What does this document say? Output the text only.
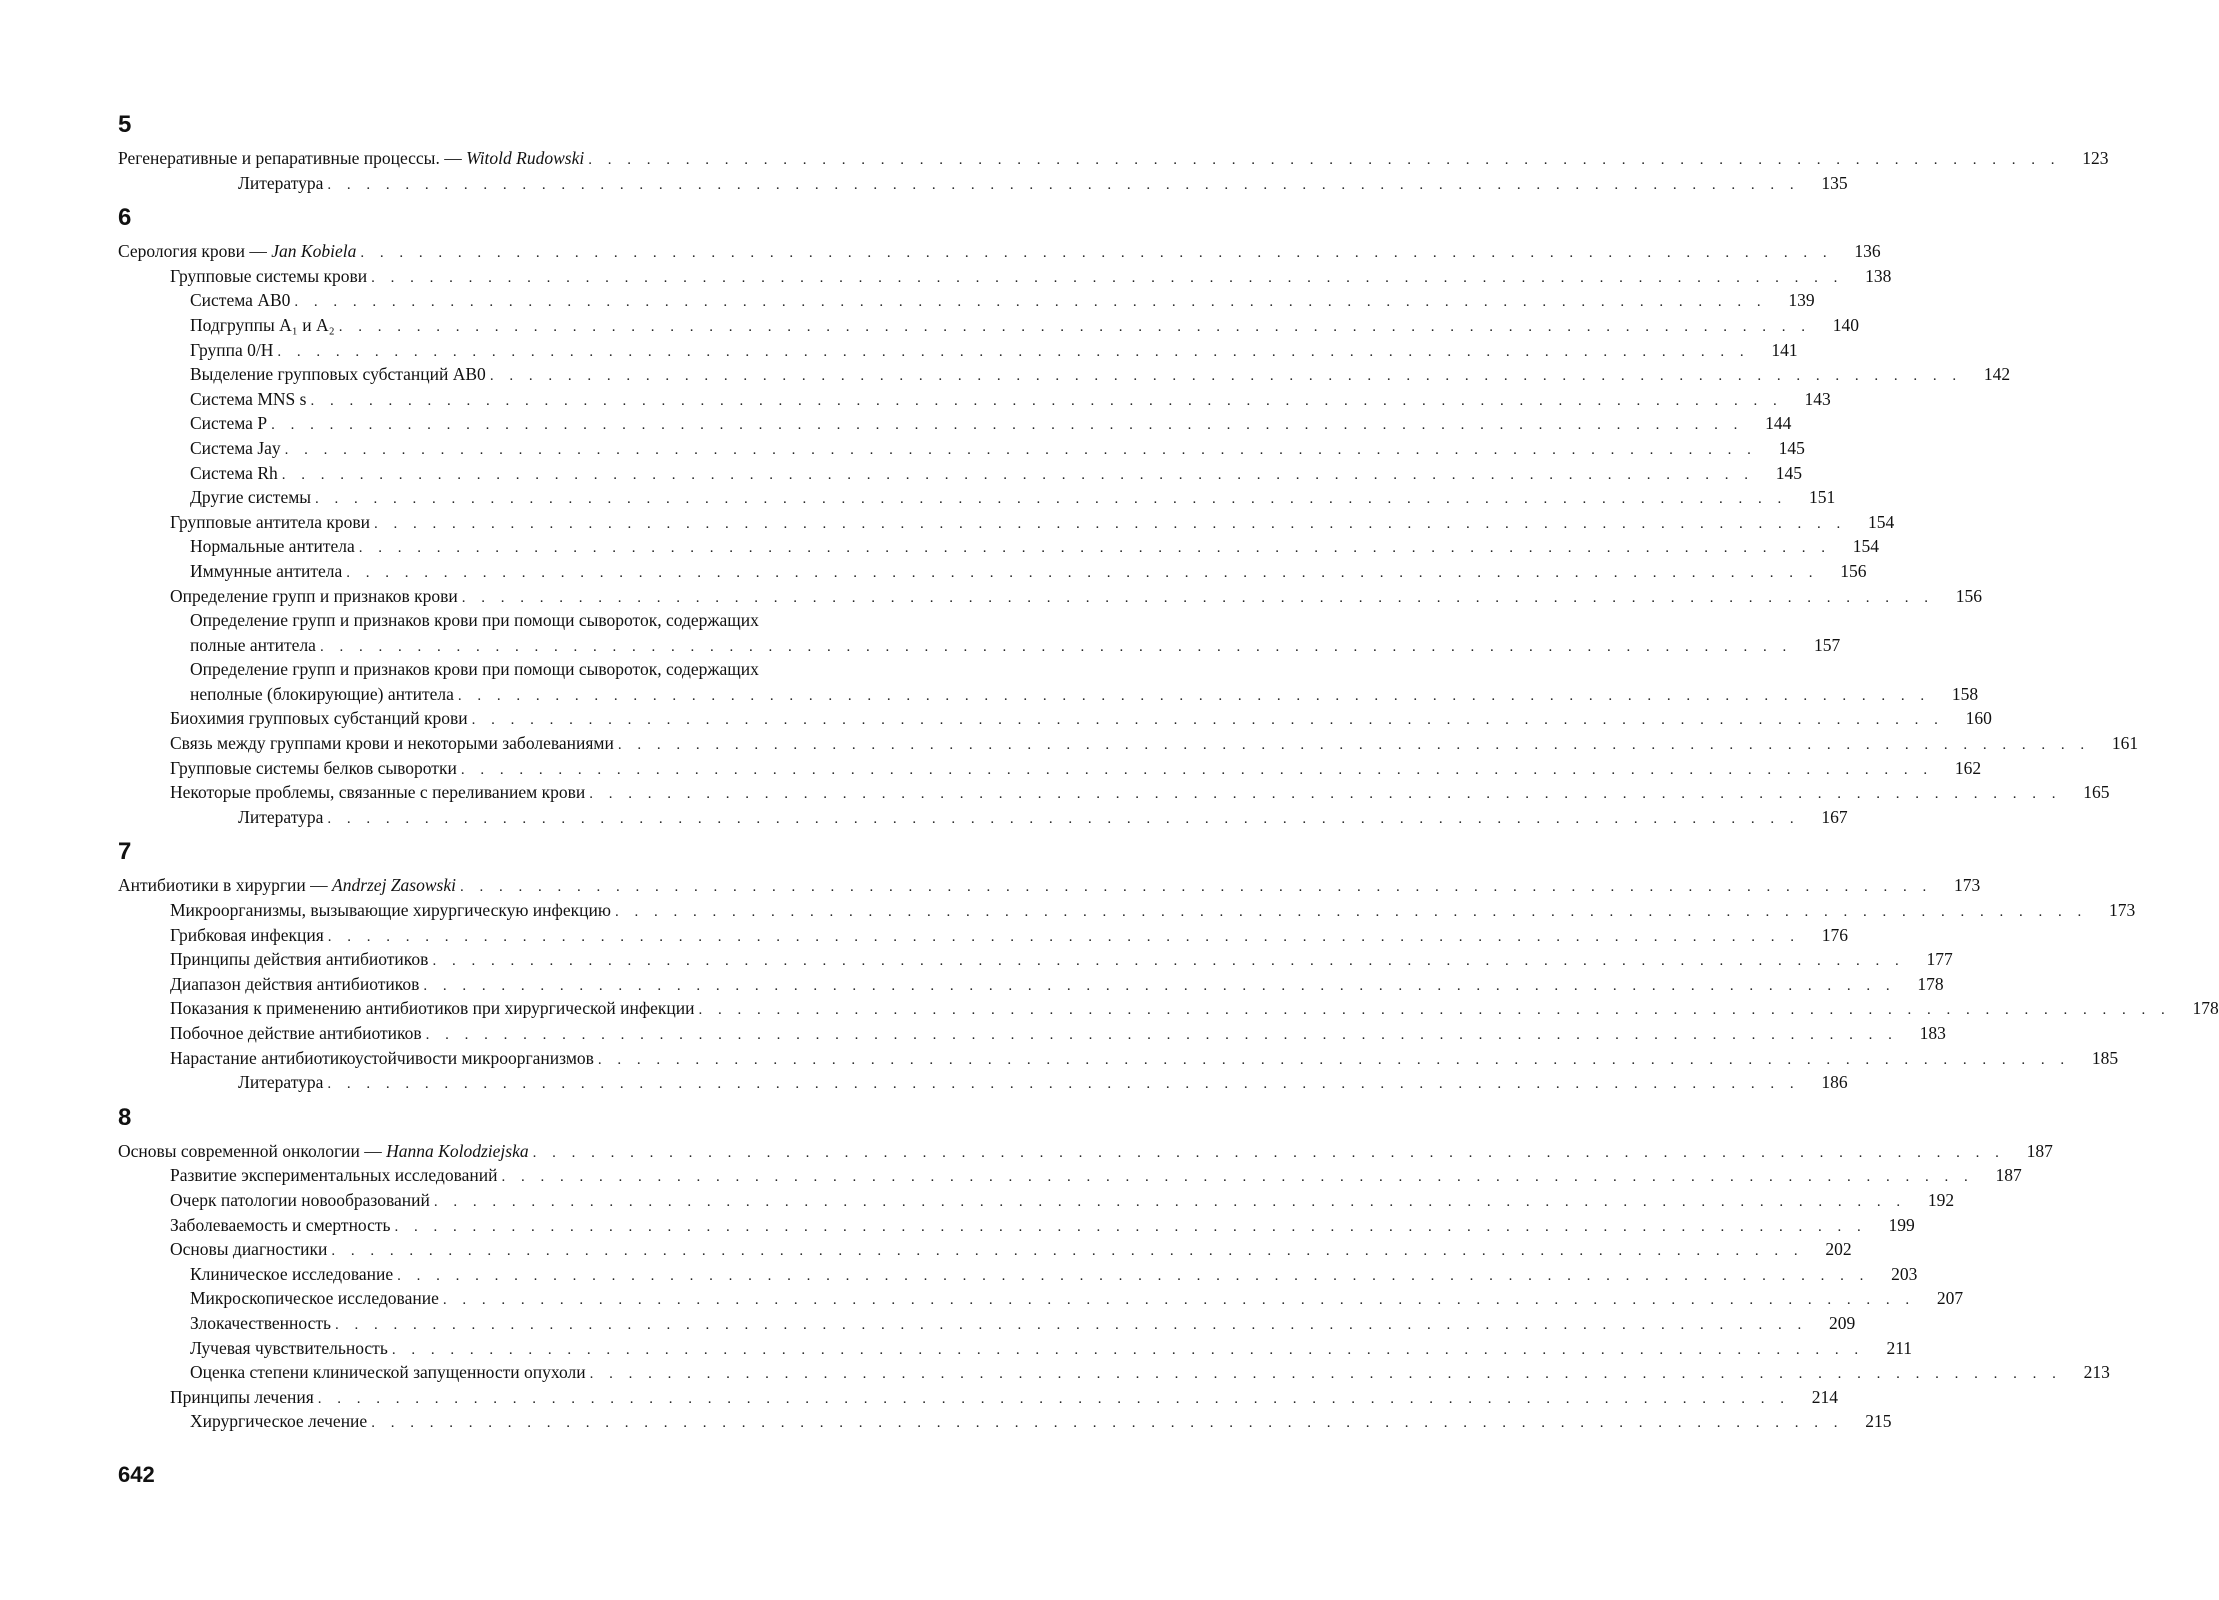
5
Регенеративные и репаративные процессы. — Witold Rudowski . . . . . . . . . . . . . . . . . . . . . . . . . . . . . . . . . . . . . . . . . . . . . . . . . . . . . . . . . . . . . . . . . . . . . . . . . . . .	123
Литература . . . . . . . . . . . . . . . . . . . . . . . . . . . . . . . . . . . . . . . . . . . . . . . . . . . . . . . . . . . . . . . . . . . . . . . . . . . .	135
6
Серология крови — Jan Kobiela . . . . . . . . . . . . . . . . . . . . . . . . . . . . . . . . . . . . . . . . . . . . . . . . . . . . . . . . . . . . . . . . . . . . . . . . . . . .	136
Групповые системы крови . . . . . . . . . . . . . . . . . . . . . . . . . . . . . . . . . . . . . . . . . . . . . . . . . . . . . . . . . . . . . . . . . . . . . . . . . . . .	138
Система AB0 . . . . . . . . . . . . . . . . . . . . . . . . . . . . . . . . . . . . . . . . . . . . . . . . . . . . . . . . . . . . . . . . . . . . . . . . . . . .	139
Подгруппы A₁ и A₂ . . . . . . . . . . . . . . . . . . . . . . . . . . . . . . . . . . . . . . . . . . . . . . . . . . . . . . . . . . . . . . . . . . . . . . . . . . . .	140
Группа 0/H . . . . . . . . . . . . . . . . . . . . . . . . . . . . . . . . . . . . . . . . . . . . . . . . . . . . . . . . . . . . . . . . . . . . . . . . . . . .	141
Выделение групповых субстанций AB0 . . . . . . . . . . . . . . . . . . . . . . . . . . . . . . . . . . . . . . . . . . . . . . . . . . . . . . . . . . . . . . . . . . . . . . . . . . . .	142
Система MNS s . . . . . . . . . . . . . . . . . . . . . . . . . . . . . . . . . . . . . . . . . . . . . . . . . . . . . . . . . . . . . . . . . . . . . . . . . . . .	143
Система P . . . . . . . . . . . . . . . . . . . . . . . . . . . . . . . . . . . . . . . . . . . . . . . . . . . . . . . . . . . . . . . . . . . . . . . . . . . .	144
Система Jay . . . . . . . . . . . . . . . . . . . . . . . . . . . . . . . . . . . . . . . . . . . . . . . . . . . . . . . . . . . . . . . . . . . . . . . . . . . .	145
Система Rh . . . . . . . . . . . . . . . . . . . . . . . . . . . . . . . . . . . . . . . . . . . . . . . . . . . . . . . . . . . . . . . . . . . . . . . . . . . .	145
Другие системы . . . . . . . . . . . . . . . . . . . . . . . . . . . . . . . . . . . . . . . . . . . . . . . . . . . . . . . . . . . . . . . . . . . . . . . . . . . .	151
Групповые антитела крови . . . . . . . . . . . . . . . . . . . . . . . . . . . . . . . . . . . . . . . . . . . . . . . . . . . . . . . . . . . . . . . . . . . . . . . . . . . .	154
Нормальные антитела . . . . . . . . . . . . . . . . . . . . . . . . . . . . . . . . . . . . . . . . . . . . . . . . . . . . . . . . . . . . . . . . . . . . . . . . . . . .	154
Иммунные антитела . . . . . . . . . . . . . . . . . . . . . . . . . . . . . . . . . . . . . . . . . . . . . . . . . . . . . . . . . . . . . . . . . . . . . . . . . . . .	156
Определение групп и признаков крови . . . . . . . . . . . . . . . . . . . . . . . . . . . . . . . . . . . . . . . . . . . . . . . . . . . . . . . . . . . . . . . . . . . . . . . . . . . .	156
Определение групп и признаков крови при помощи сывороток, содержащих
полные антитела . . . . . . . . . . . . . . . . . . . . . . . . . . . . . . . . . . . . . . . . . . . . . . . . . . . . . . . . . . . . . . . . . . . . . . . . . . . .	157
Определение групп и признаков крови при помощи сывороток, содержащих
неполные (блокирующие) антитела . . . . . . . . . . . . . . . . . . . . . . . . . . . . . . . . . . . . . . . . . . . . . . . . . . . . . . . . . . . . . . . . . . . . . . . . . . . .	158
Биохимия групповых субстанций крови . . . . . . . . . . . . . . . . . . . . . . . . . . . . . . . . . . . . . . . . . . . . . . . . . . . . . . . . . . . . . . . . . . . . . . . . . . . .	160
Связь между группами крови и некоторыми заболеваниями . . . . . . . . . . . . . . . . . . . . . . . . . . . . . . . . . . . . . . . . . . . . . . . . . . . . . . . . . . . . . . . . . . . . . . . . . . . .	161
Групповые системы белков сыворотки . . . . . . . . . . . . . . . . . . . . . . . . . . . . . . . . . . . . . . . . . . . . . . . . . . . . . . . . . . . . . . . . . . . . . . . . . . . .	162
Некоторые проблемы, связанные с переливанием крови . . . . . . . . . . . . . . . . . . . . . . . . . . . . . . . . . . . . . . . . . . . . . . . . . . . . . . . . . . . . . . . . . . . . . . . . . . . .	165
Литература . . . . . . . . . . . . . . . . . . . . . . . . . . . . . . . . . . . . . . . . . . . . . . . . . . . . . . . . . . . . . . . . . . . . . . . . . . . .	167
7
Антибиотики в хирургии — Andrzej Zasowski . . . . . . . . . . . . . . . . . . . . . . . . . . . . . . . . . . . . . . . . . . . . . . . . . . . . . . . . . . . . . . . . . . . . . . . . . . . .	173
Микроорганизмы, вызывающие хирургическую инфекцию . . . . . . . . . . . . . . . . . . . . . . . . . . . . . . . . . . . . . . . . . . . . . . . . . . . . . . . . . . . . . . . . . . . . . . . . . . . .	173
Грибковая инфекция . . . . . . . . . . . . . . . . . . . . . . . . . . . . . . . . . . . . . . . . . . . . . . . . . . . . . . . . . . . . . . . . . . . . . . . . . . . .	176
Принципы действия антибиотиков . . . . . . . . . . . . . . . . . . . . . . . . . . . . . . . . . . . . . . . . . . . . . . . . . . . . . . . . . . . . . . . . . . . . . . . . . . . .	177
Диапазон действия антибиотиков . . . . . . . . . . . . . . . . . . . . . . . . . . . . . . . . . . . . . . . . . . . . . . . . . . . . . . . . . . . . . . . . . . . . . . . . . . . .	178
Показания к применению антибиотиков при хирургической инфекции . . . . . . . . . . . . . . . . . . . . . . . . . . . . . . . . . . . . . . . . . . . . . . . . . . . . . . . . . . . . . . . . . . . . . . . . . . . .	178
Побочное действие антибиотиков . . . . . . . . . . . . . . . . . . . . . . . . . . . . . . . . . . . . . . . . . . . . . . . . . . . . . . . . . . . . . . . . . . . . . . . . . . . .	183
Нарастание антибиотикоустойчивости микроорганизмов . . . . . . . . . . . . . . . . . . . . . . . . . . . . . . . . . . . . . . . . . . . . . . . . . . . . . . . . . . . . . . . . . . . . . . . . . . . .	185
Литература . . . . . . . . . . . . . . . . . . . . . . . . . . . . . . . . . . . . . . . . . . . . . . . . . . . . . . . . . . . . . . . . . . . . . . . . . . . .	186
8
Основы современной онкологии — Hanna Kolodziejska . . . . . . . . . . . . . . . . . . . . . . . . . . . . . . . . . . . . . . . . . . . . . . . . . . . . . . . . . . . . . . . . . . . . . . . . . . . .	187
Развитие экспериментальных исследований . . . . . . . . . . . . . . . . . . . . . . . . . . . . . . . . . . . . . . . . . . . . . . . . . . . . . . . . . . . . . . . . . . . . . . . . . . . .	187
Очерк патологии новообразований . . . . . . . . . . . . . . . . . . . . . . . . . . . . . . . . . . . . . . . . . . . . . . . . . . . . . . . . . . . . . . . . . . . . . . . . . . . .	192
Заболеваемость и смертность . . . . . . . . . . . . . . . . . . . . . . . . . . . . . . . . . . . . . . . . . . . . . . . . . . . . . . . . . . . . . . . . . . . . . . . . . . . .	199
Основы диагностики . . . . . . . . . . . . . . . . . . . . . . . . . . . . . . . . . . . . . . . . . . . . . . . . . . . . . . . . . . . . . . . . . . . . . . . . . . . .	202
Клиническое исследование . . . . . . . . . . . . . . . . . . . . . . . . . . . . . . . . . . . . . . . . . . . . . . . . . . . . . . . . . . . . . . . . . . . . . . . . . . . .	203
Микроскопическое исследование . . . . . . . . . . . . . . . . . . . . . . . . . . . . . . . . . . . . . . . . . . . . . . . . . . . . . . . . . . . . . . . . . . . . . . . . . . . .	207
Злокачественность . . . . . . . . . . . . . . . . . . . . . . . . . . . . . . . . . . . . . . . . . . . . . . . . . . . . . . . . . . . . . . . . . . . . . . . . . . . .	209
Лучевая чувствительность . . . . . . . . . . . . . . . . . . . . . . . . . . . . . . . . . . . . . . . . . . . . . . . . . . . . . . . . . . . . . . . . . . . . . . . . . . . .	211
Оценка степени клинической запущенности опухоли . . . . . . . . . . . . . . . . . . . . . . . . . . . . . . . . . . . . . . . . . . . . . . . . . . . . . . . . . . . . . . . . . . . . . . . . . . . .	213
Принципы лечения . . . . . . . . . . . . . . . . . . . . . . . . . . . . . . . . . . . . . . . . . . . . . . . . . . . . . . . . . . . . . . . . . . . . . . . . . . . .	214
Хирургическое лечение . . . . . . . . . . . . . . . . . . . . . . . . . . . . . . . . . . . . . . . . . . . . . . . . . . . . . . . . . . . . . . . . . . . . . . . . . . . .	215
642
